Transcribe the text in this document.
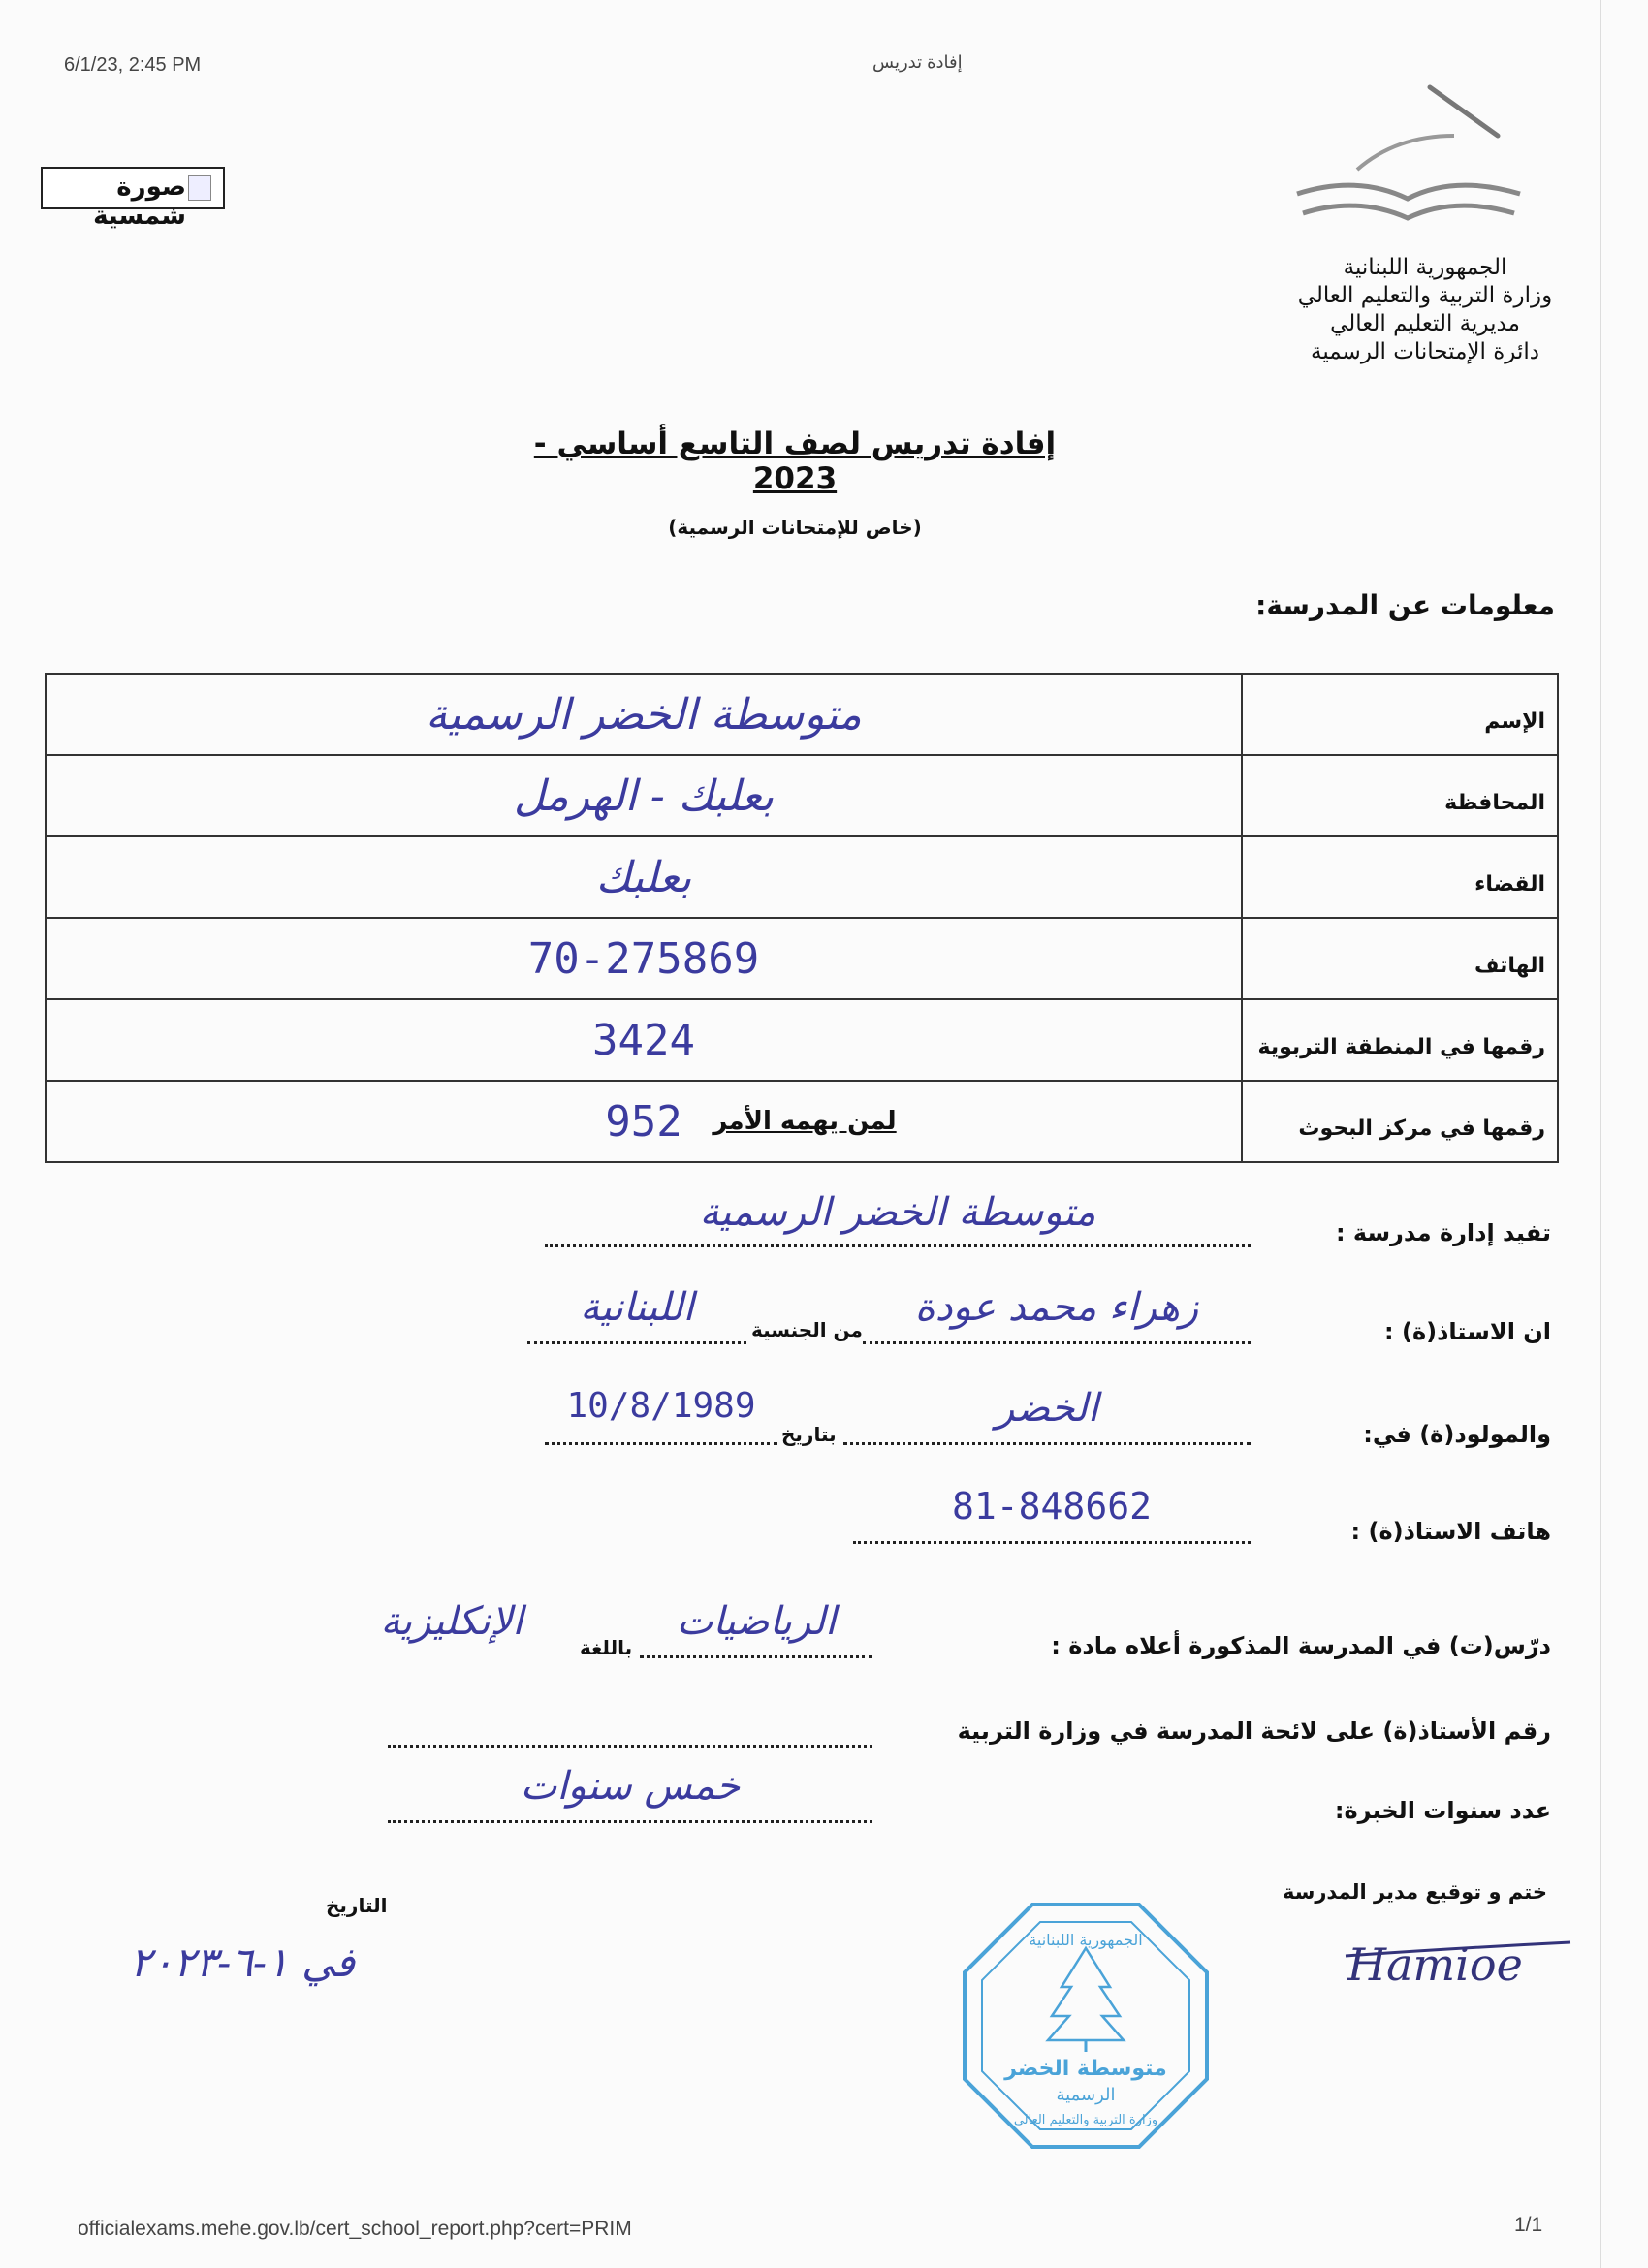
6/1/23, 2:45 PM	إفادة تدريس
صورة شمسية
الجمهورية اللبنانية
وزارة التربية والتعليم العالي
مديرية التعليم العالي
دائرة الإمتحانات الرسمية
إفادة تدريس لصف التاسع أساسي - 2023
(خاص للإمتحانات الرسمية)
معلومات عن المدرسة:
الإسم	متوسطة الخضر الرسمية
المحافظة	بعلبك - الهرمل
القضاء	بعلبك
الهاتف	70-275869
رقمها في المنطقة التربوية	3424
رقمها في مركز البحوث	952	لمن يهمه الأمر
تفيد إدارة مدرسة :
متوسطة الخضر الرسمية
ان الاستاذ(ة) :
زهراء محمد عودة
من الجنسية
اللبنانية
والمولود(ة) في:
الخضر
بتاريخ
10/8/1989
هاتف الاستاذ(ة) :
81-848662
درّس(ت) في المدرسة المذكورة أعلاه مادة :
الرياضيات
باللغة
الإنكليزية
رقم الأستاذ(ة) على لائحة المدرسة في وزارة التربية
عدد سنوات الخبرة:
خمس سنوات
ختم و توقيع مدير المدرسة
Hamioe
التاريخ
في ١-٦-٢٠٢٣	الجمهورية اللبنانية
متوسطة الخضر
الرسمية
وزارة التربية والتعليم العالي
officialexams.mehe.gov.lb/cert_school_report.php?cert=PRIM	1/1
